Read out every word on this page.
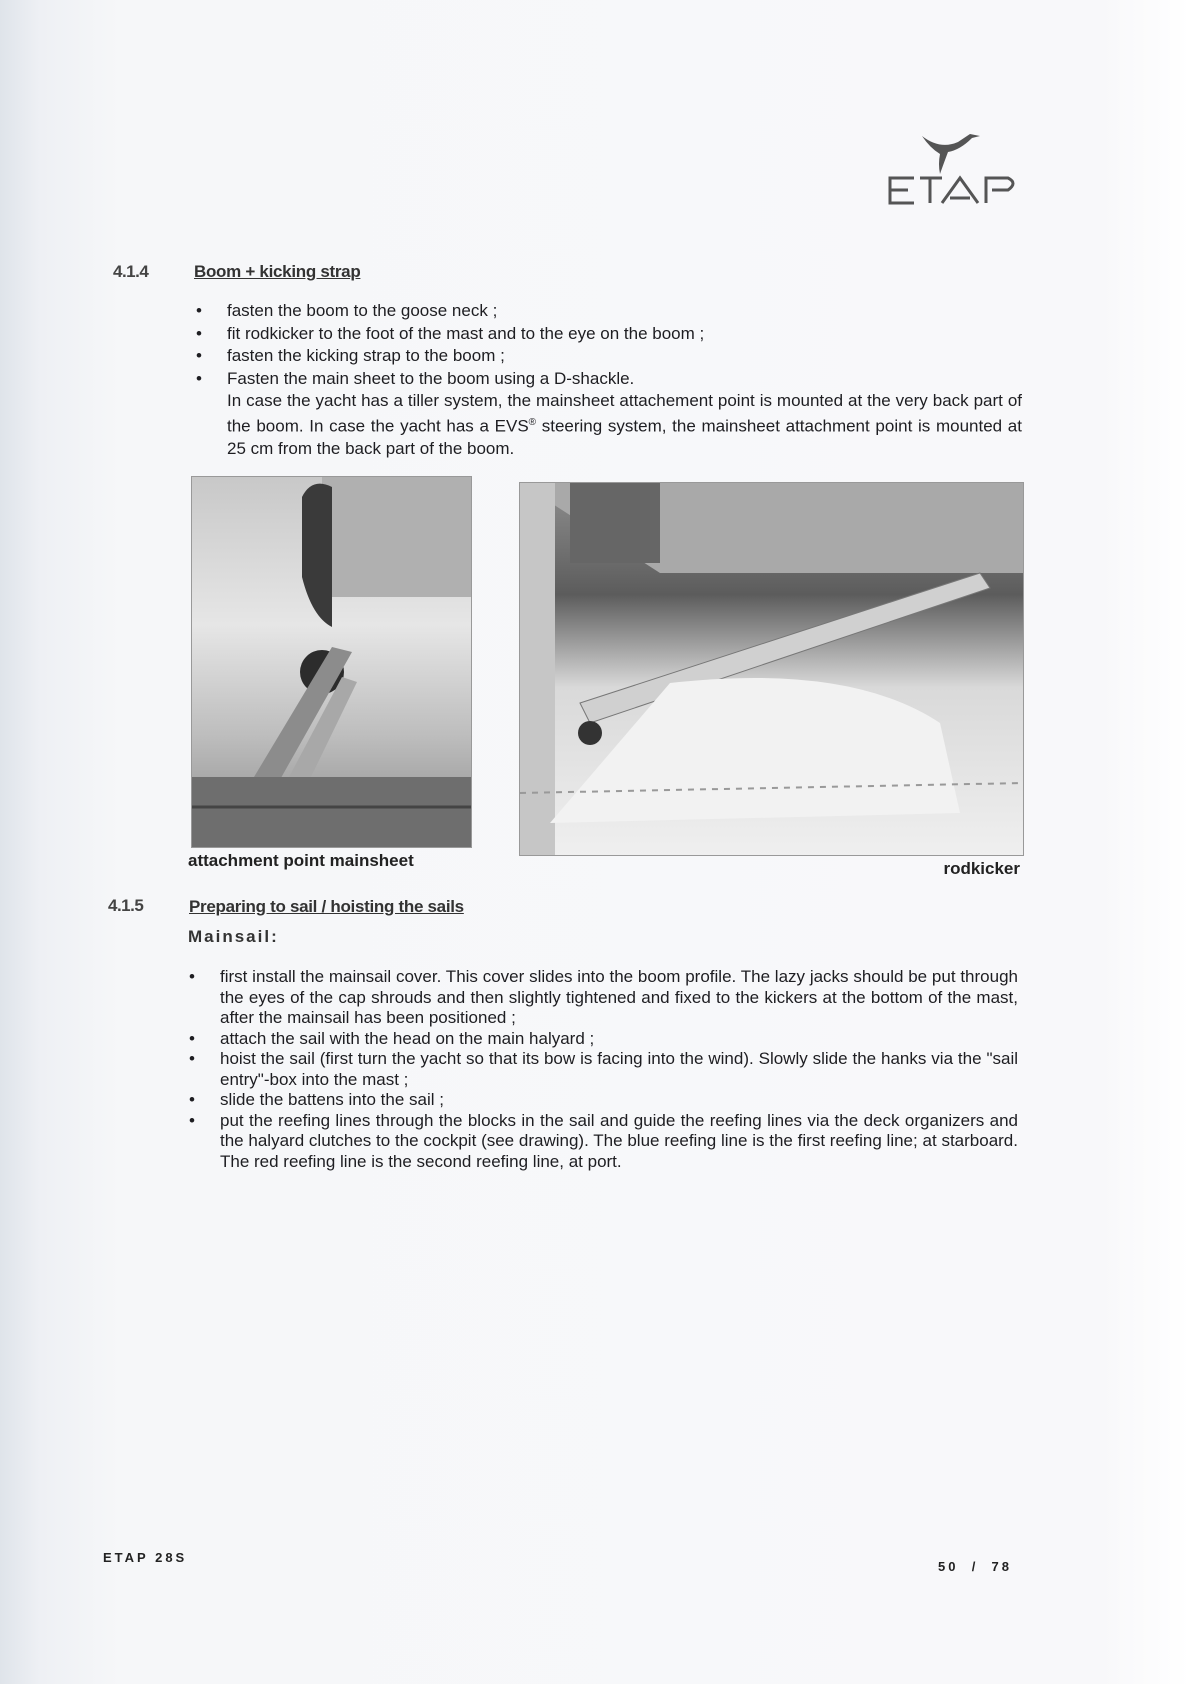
4.1.4	Boom + kicking strap
• fasten the boom to the goose neck ;
• fit rodkicker to the foot of the mast and to the eye on the boom ;
• fasten the kicking strap to the boom ;
• Fasten the main sheet to the boom using a D-shackle.

In case the yacht has a tiller system, the mainsheet attachement point is mounted at the very back part of the boom. In case the yacht has a EVS® steering system, the mainsheet attachment point is mounted at 25 cm from the back part of the boom.

attachment point mainsheet	rodkicker
4.1.5	Preparing to sail / hoisting the sails
Mainsail:
• first install the mainsail cover. This cover slides into the boom profile. The lazy jacks should be put through the eyes of the cap shrouds and then slightly tightened and fixed to the kickers at the bottom of the mast, after the mainsail has been positioned ;
• attach the sail with the head on the main halyard ;
• hoist the sail (first turn the yacht so that its bow is facing into the wind). Slowly slide the hanks via the "sail entry"-box into the mast ;
• slide the battens into the sail ;
• put the reefing lines through the blocks in the sail and guide the reefing lines via the deck organizers and the halyard clutches to the cockpit (see drawing). The blue reefing line is the first reefing line; at starboard. The red reefing line is the second reefing line, at port.
ETAP 28S
50  /  78
